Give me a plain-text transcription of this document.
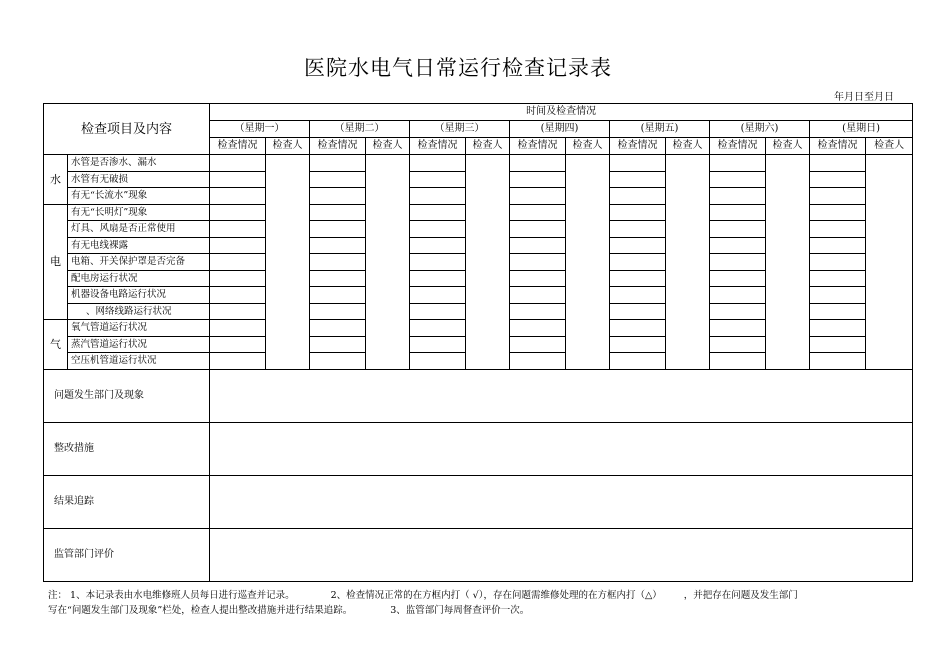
医院水电气日常运行检查记录表
年月日至月日
检查项目及内容		时间及检查情况													
		（星期一）		（星期二）		（星期三）		(星期四)		(星期五)		(星期六)		(星期日)	
		检查情况	检查人	检查情况	检查人	检查情况	检查人	检查情况	检查人	检查情况	检查人	检查情况	检查人	检查情况	检查人
水	水管是否渗水、漏水														
	水管有无破损														
	有无“长流水”现象														
电	有无“长明灯”现象														
	灯具、风扇是否正常使用														
	有无电线裸露														
	电箱、开关保护罩是否完备														
	配电房运行状况														
	机器设备电路运行状况														
	、网络线路运行状况														
气	氧气管道运行状况														
	蒸汽管道运行状况														
	空压机管道运行状况														
问题发生部门及现象															
整改措施															
结果追踪															
监管部门评价															
注： 1、本记录表由水电维修班人员每日进行巡查并记录。	2、检查情况正常的在方框内打（ √），存在问题需维修处理的在方框内打（△） ，并把存在问题及发生部门
写在“问题发生部门及现象”栏处，检查人提出整改措施并进行结果追踪。	3、监管部门每周督查评价一次。
